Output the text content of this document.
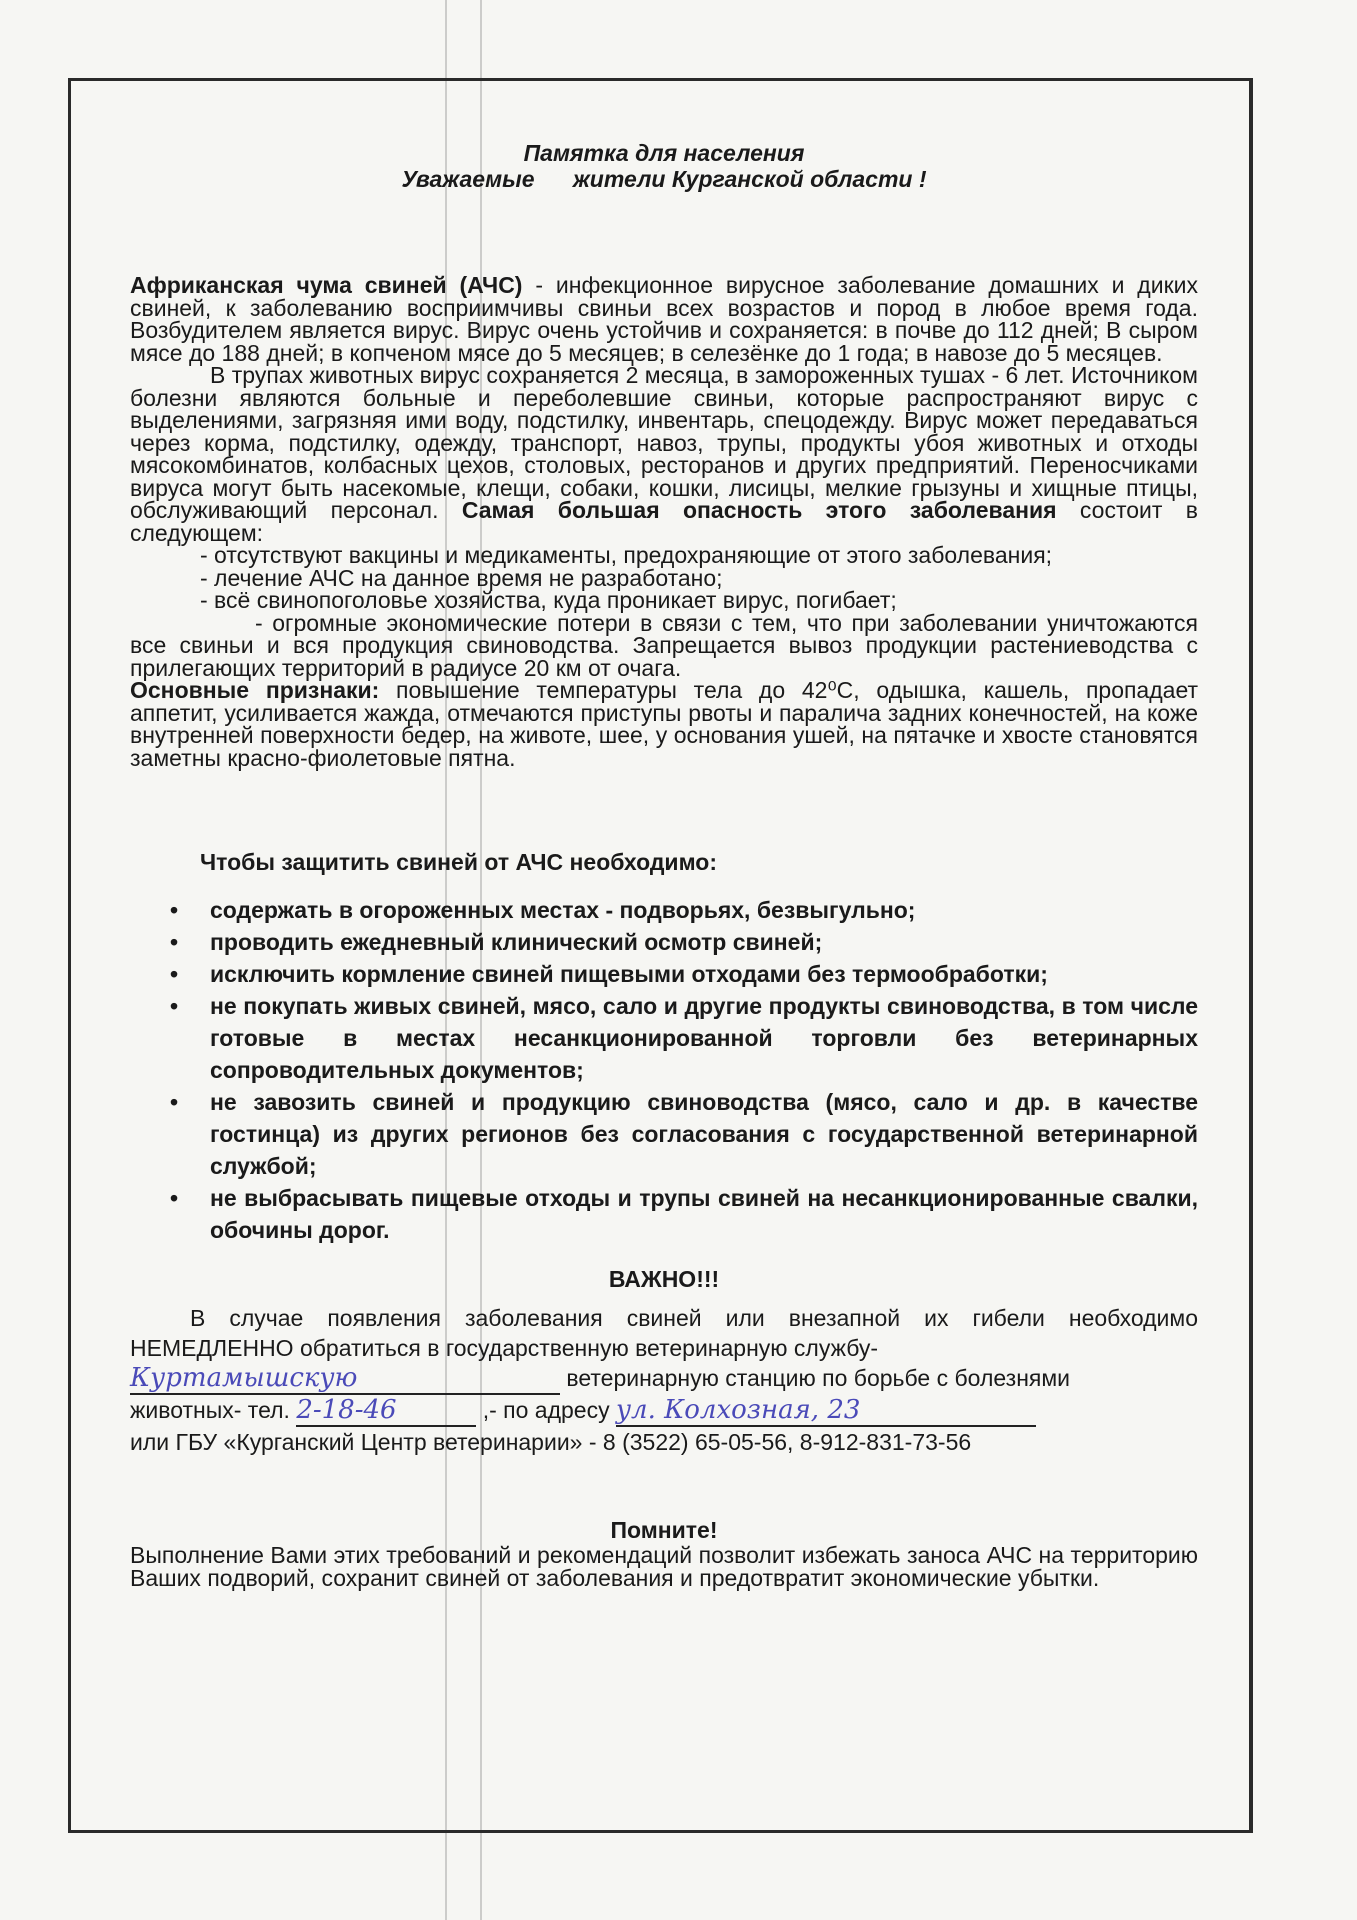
Памятка для населения
Уважаемые      жители Курганской области !

Африканская чума свиней (АЧС) - инфекционное вирусное заболевание домашних и диких свиней, к заболеванию восприимчивы свиньи всех возрастов и пород в любое время года. Возбудителем является вирус. Вирус очень устойчив и сохраняется: в почве до 112 дней; В сыром мясе до 188 дней; в копченом мясе до 5 месяцев; в селезёнке до 1 года; в навозе до 5 месяцев.

В трупах животных вирус сохраняется 2 месяца, в замороженных тушах - 6 лет. Источником болезни являются больные и переболевшие свиньи, которые распространяют вирус с выделениями, загрязняя ими воду, подстилку, инвентарь, спецодежду. Вирус может передаваться через корма, подстилку, одежду, транспорт, навоз, трупы, продукты убоя животных и отходы мясокомбинатов, колбасных цехов, столовых, ресторанов и других предприятий. Переносчиками вируса могут быть насекомые, клещи, собаки, кошки, лисицы, мелкие грызуны и хищные птицы, обслуживающий персонал. Самая большая опасность этого заболевания состоит в следующем:

- отсутствуют вакцины и медикаменты, предохраняющие от этого заболевания;

- лечение АЧС на данное время не разработано;

- всё свинопоголовье хозяйства, куда проникает вирус, погибает;

- огромные экономические потери в связи с тем, что при заболевании уничтожаются все свиньи и вся продукция свиноводства. Запрещается вывоз продукции растениеводства с прилегающих территорий в радиусе 20 км от очага.

Основные признаки: повышение температуры тела до 42⁰С, одышка, кашель, пропадает аппетит, усиливается жажда, отмечаются приступы рвоты и паралича задних конечностей, на коже внутренней поверхности бедер, на животе, шее, у основания ушей, на пятачке и хвосте становятся заметны красно-фиолетовые пятна.

Чтобы защитить свиней от АЧС необходимо:
• содержать в огороженных местах - подворьях, безвыгульно;
• проводить ежедневный клинический осмотр свиней;
• исключить кормление свиней пищевыми отходами без термообработки;
• не покупать живых свиней, мясо, сало и другие продукты свиноводства, в том числе готовые в местах несанкционированной торговли без ветеринарных сопроводительных документов;
• не завозить свиней и продукцию свиноводства (мясо, сало и др. в качестве гостинца) из других регионов без согласования с государственной ветеринарной службой;
• не выбрасывать пищевые отходы и трупы свиней на несанкционированные свалки, обочины дорог.
ВАЖНО!!!
В случае появления заболевания свиней или внезапной их гибели необходимо НЕМЕДЛЕННО обратиться в государственную ветеринарную службу-
Куртамышскую	ветеринарную станцию по борьбе с болезнями
животных- тел. 2-18-46	,- по адресу ул. Колхозная, 23
или ГБУ «Курганский Центр ветеринарии» - 8 (3522) 65-05-56, 8-912-831-73-56
Помните!

Выполнение Вами этих требований и рекомендаций позволит избежать заноса АЧС на территорию Ваших подворий, сохранит свиней от заболевания и предотвратит экономические убытки.
